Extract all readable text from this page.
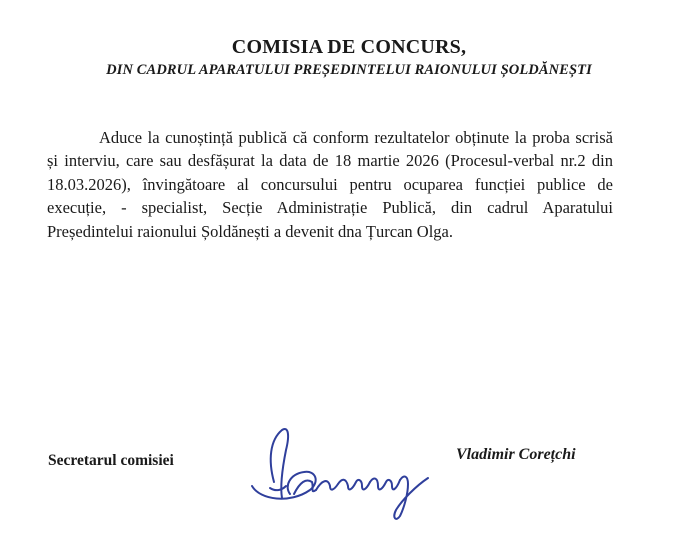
COMISIA DE CONCURS,
DIN CADRUL APARATULUI PREȘEDINTELUI RAIONULUI ȘOLDĂNEȘTI

Aduce la cunoștință publică că conform rezultatelor obținute la proba scrisă și interviu, care sau desfășurat la data de 18 martie 2026 (Procesul-verbal nr.2 din 18.03.2026), învingătoare al concursului pentru ocuparea funcției publice de execuție, - specialist, Secție Administrație Publică, din cadrul Aparatului Președintelui raionului Șoldănești a devenit dna Țurcan Olga.

Secretarul comisiei	Vladimir Corețchi
